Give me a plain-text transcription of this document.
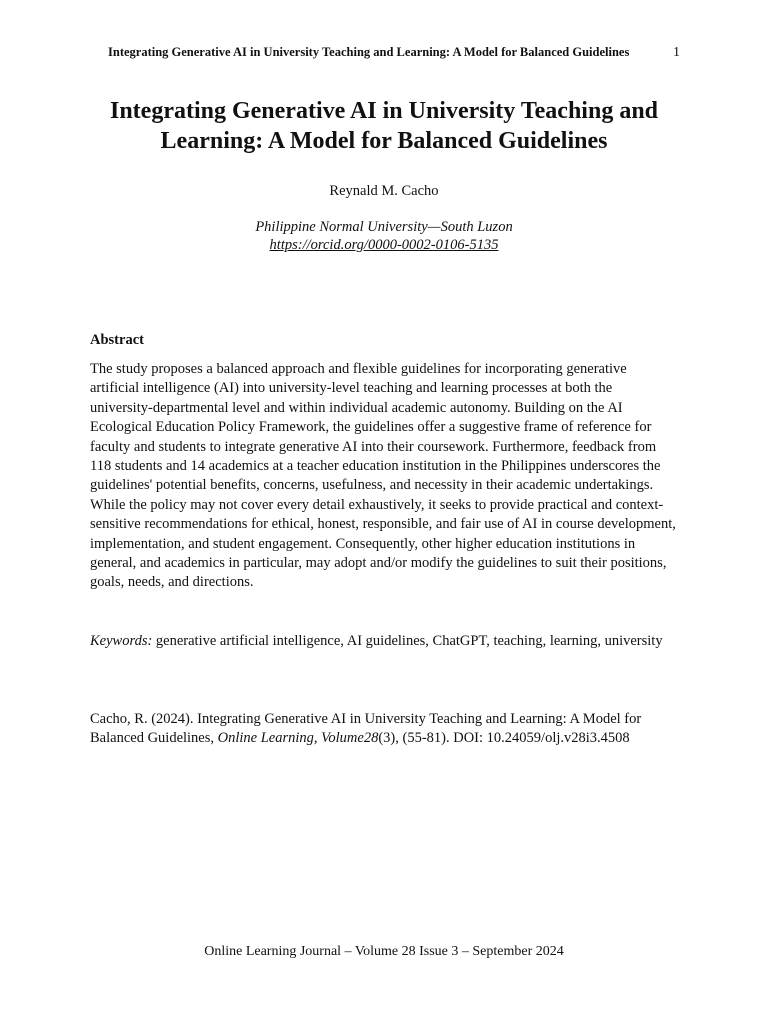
Integrating Generative AI in University Teaching and Learning: A Model for Balanced Guidelines	1
Integrating Generative AI in University Teaching and
Learning: A Model for Balanced Guidelines
Reynald M. Cacho
Philippine Normal University—South Luzon
https://orcid.org/0000-0002-0106-5135
Abstract

The study proposes a balanced approach and flexible guidelines for incorporating generative artificial intelligence (AI) into university-level teaching and learning processes at both the university-departmental level and within individual academic autonomy. Building on the AI Ecological Education Policy Framework, the guidelines offer a suggestive frame of reference for faculty and students to integrate generative AI into their coursework. Furthermore, feedback from 118 students and 14 academics at a teacher education institution in the Philippines underscores the guidelines' potential benefits, concerns, usefulness, and necessity in their academic undertakings. While the policy may not cover every detail exhaustively, it seeks to provide practical and context-sensitive recommendations for ethical, honest, responsible, and fair use of AI in course development, implementation, and student engagement. Consequently, other higher education institutions in general, and academics in particular, may adopt and/or modify the guidelines to suit their positions, goals, needs, and directions.

Keywords: generative artificial intelligence, AI guidelines, ChatGPT, teaching, learning, university

Cacho, R. (2024). Integrating Generative AI in University Teaching and Learning: A Model for Balanced Guidelines, Online Learning, Volume28(3), (55-81). DOI: 10.24059/olj.v28i3.4508

Online Learning Journal – Volume 28 Issue 3 – September 2024
